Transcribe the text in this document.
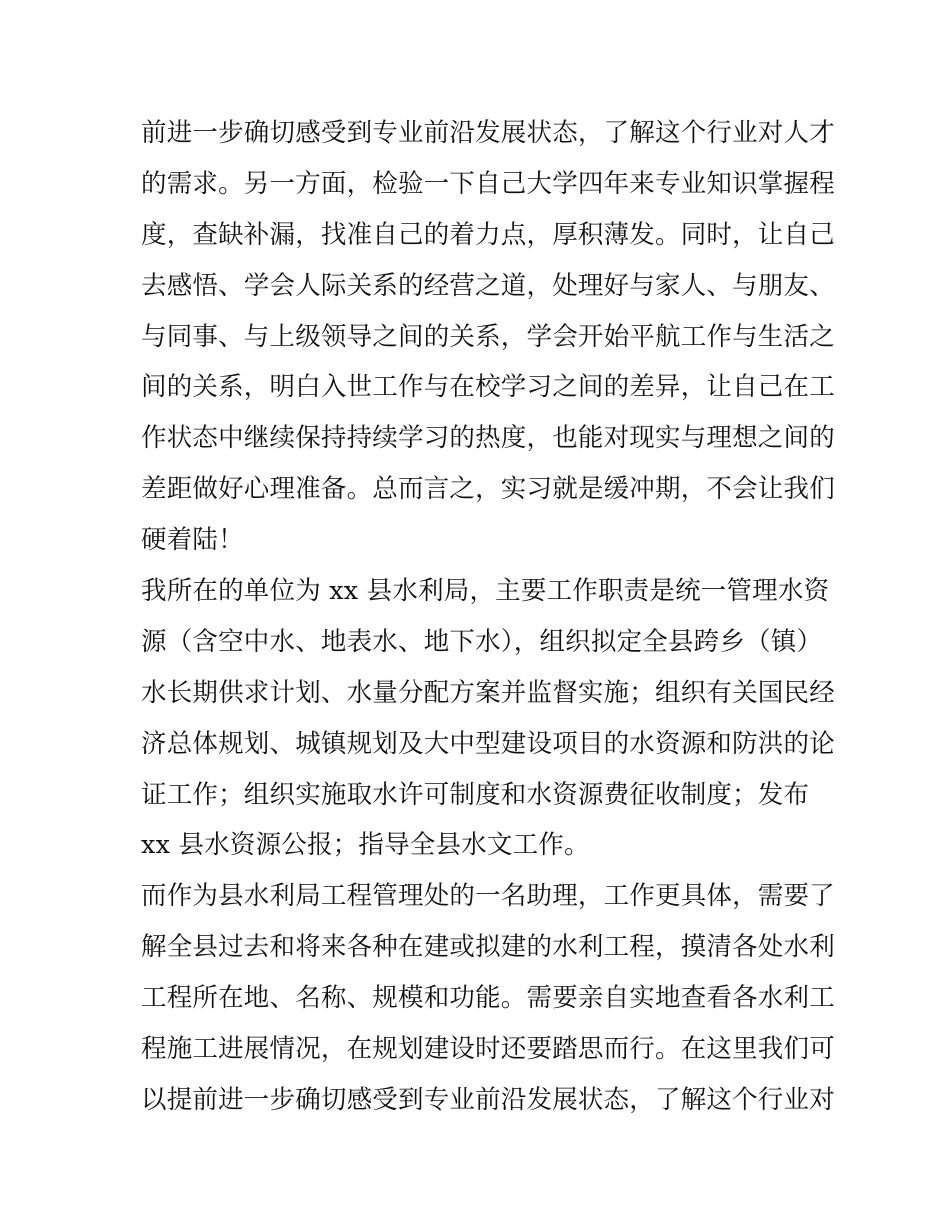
前进一步确切感受到专业前沿发展状态，了解这个行业对人才
的需求。另一方面，检验一下自己大学四年来专业知识掌握程
度，查缺补漏，找准自己的着力点，厚积薄发。同时，让自己
去感悟、学会人际关系的经营之道，处理好与家人、与朋友、
与同事、与上级领导之间的关系，学会开始平航工作与生活之
间的关系，明白入世工作与在校学习之间的差异，让自己在工
作状态中继续保持持续学习的热度，也能对现实与理想之间的
差距做好心理准备。总而言之，实习就是缓冲期，不会让我们
硬着陆！
我所在的单位为 xx 县水利局，主要工作职责是统一管理水资
源（含空中水、地表水、地下水），组织拟定全县跨乡（镇）
水长期供求计划、水量分配方案并监督实施；组织有关国民经
济总体规划、城镇规划及大中型建设项目的水资源和防洪的论
证工作；组织实施取水许可制度和水资源费征收制度；发布
xx 县水资源公报；指导全县水文工作。
而作为县水利局工程管理处的一名助理，工作更具体，需要了
解全县过去和将来各种在建或拟建的水利工程，摸清各处水利
工程所在地、名称、规模和功能。需要亲自实地查看各水利工
程施工进展情况，在规划建设时还要踏思而行。在这里我们可
以提前进一步确切感受到专业前沿发展状态，了解这个行业对
